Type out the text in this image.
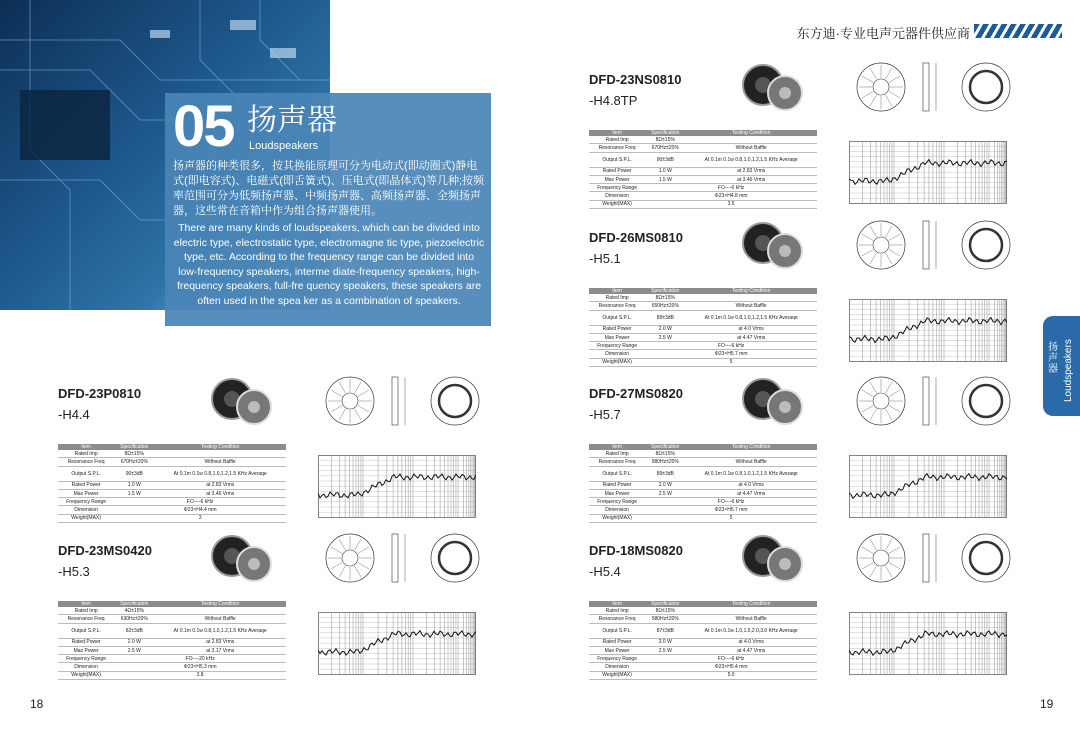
05 扬声器
Loudspeakers
扬声器的种类很多，按其换能原理可分为电动式(即动圈式)静电式(即电容式)、电磁式(即舌簧式)、压电式(即晶体式)等几种;按频率范围可分为低频扬声器、中频扬声器、高频扬声器、全频扬声器，这些常在音箱中作为组合扬声器使用。
There are many kinds of loudspeakers, which can be divided into electric type, electrostatic type, electromagne tic type, piezoelectric type, etc. According to the frequency range can be divided into low-frequency speakers, interme diate-frequency speakers, high-frequency speakers, full-fre quency speakers, these speakers are often used in the spea ker as a combination of speakers.
18
东方迪·专业电声元器件供应商
扬声器 Loudspeakers
19
DFD-23P0810
-H4.4
Item	Specification	Testing Condition
Rated Imp	8Ω±15%	
Resonance Freq	670Hz±20%	Without Baffle
Output S.P.L.	90±3dB	At 0.1m 0.1w 0.8,1.0,1.2,1.5 KHz Averaqe
Rated Power	1.0 W	at 2.83 Vrms
Max Power	1.5 W	at 3.46 Vrms
Frequency Range	FO----6 kHz	
Dimension	Φ23×H4.4 mm	
Weight(MAX)	3	
DFD-23MS0420
-H5.3
Item	Specification	Testing Condition
Rated Imp	4Ω±15%	
Resonance Freq	630Hz±20%	Without Baffle
Output S.P.L.	82±3dB	At 0.1m 0.1w 0.8,1.0,1.2,1.5 KHz Averaqe
Rated Power	2.0 W	at 2.83 Vrms
Max Power	2.5 W	at 3.17 Vrms
Frequency Range	FO----20 kHz	
Dimension	Φ23×H5.3 mm	
Weight(MAX)	3.8	
DFD-23NS0810
-H4.8TP
Item	Specification	Testing Condition
Rated Imp	8Ω±15%	
Resonance Freq	670Hz±20%	Without Baffle
Output S.P.L.	90±3dB	At 0.1m 0.1w 0.8,1.0,1.2,1.5 KHz Averaqe
Rated Power	1.0 W	at 2.83 Vrms
Max Power	1.5 W	at 3.46 Vrms
Frequency Range	FO----6 kHz	
Dimension	Φ23×H4.8 mm	
Weight(MAX)	3.5	
DFD-26MS0810
-H5.1
Item	Specification	Testing Condition
Rated Imp	8Ω±15%	
Resonance Freq	650Hz±20%	Without Baffle
Output S.P.L.	89±3dB	At 0.1m 0.1w 0.8,1.0,1.2,1.5 KHz Averaqe
Rated Power	2.0 W	at 4.0 Vrms
Max Power	2.5 W	at 4.47 Vrms
Frequency Range	FO----6 kHz	
Dimension	Φ23×H5.7 mm	
Weight(MAX)	5	
DFD-27MS0820
-H5.7
Item	Specification	Testing Condition
Rated Imp	8Ω±15%	
Resonance Freq	980Hz±20%	Without Baffle
Output S.P.L.	89±3dB	At 0.1m 0.1w 0.8,1.0,1.2,1.5 KHz Averaqe
Rated Power	2.0 W	at 4.0 Vrms
Max Power	2.5 W	at 4.47 Vrms
Frequency Range	FO----6 kHz	
Dimension	Φ23×H5.7 mm	
Weight(MAX)	5	
DFD-18MS0820
-H5.4
Item	Specification	Testing Condition
Rated Imp	8Ω±15%	
Resonance Freq	580Hz±20%	Without Baffle
Output S.P.L.	87±3dB	At 0.1m 0.1w 1.0,1.5,2.0,3.0 KHz Averaqe
Rated Power	2.0 W	at 4.0 Vrms
Max Power	2.5 W	at 4.47 Vrms
Frequency Range	FO----6 kHz	
Dimension	Φ23×H5.4 mm	
Weight(MAX)	5.0	
